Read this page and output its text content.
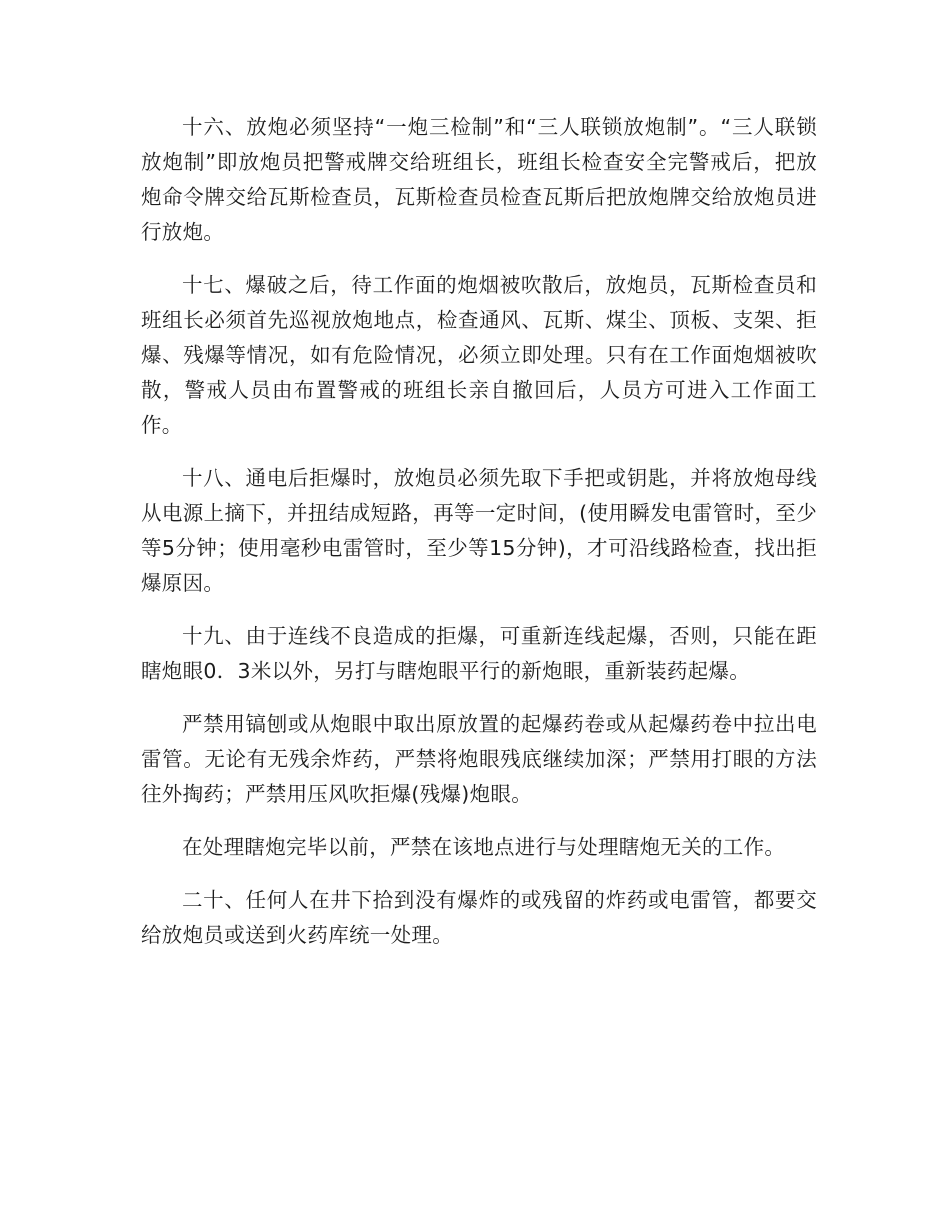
十六、放炮必须坚持“一炮三检制”和“三人联锁放炮制”。“三人联锁放炮制”即放炮员把警戒牌交给班组长，班组长检查安全完警戒后，把放炮命令牌交给瓦斯检查员，瓦斯检查员检查瓦斯后把放炮牌交给放炮员进行放炮。

十七、爆破之后，待工作面的炮烟被吹散后，放炮员，瓦斯检查员和班组长必须首先巡视放炮地点，检查通风、瓦斯、煤尘、顶板、支架、拒爆、残爆等情况，如有危险情况，必须立即处理。只有在工作面炮烟被吹散，警戒人员由布置警戒的班组长亲自撤回后，人员方可进入工作面工作。

十八、通电后拒爆时，放炮员必须先取下手把或钥匙，并将放炮母线从电源上摘下，并扭结成短路，再等一定时间，(使用瞬发电雷管时，至少等5分钟；使用毫秒电雷管时，至少等15分钟)，才可沿线路检查，找出拒爆原因。

十九、由于连线不良造成的拒爆，可重新连线起爆，否则，只能在距瞎炮眼0．3米以外，另打与瞎炮眼平行的新炮眼，重新装药起爆。

严禁用镐刨或从炮眼中取出原放置的起爆药卷或从起爆药卷中拉出电雷管。无论有无残余炸药，严禁将炮眼残底继续加深；严禁用打眼的方法往外掏药；严禁用压风吹拒爆(残爆)炮眼。

在处理瞎炮完毕以前，严禁在该地点进行与处理瞎炮无关的工作。

二十、任何人在井下拾到没有爆炸的或残留的炸药或电雷管，都要交给放炮员或送到火药库统一处理。
